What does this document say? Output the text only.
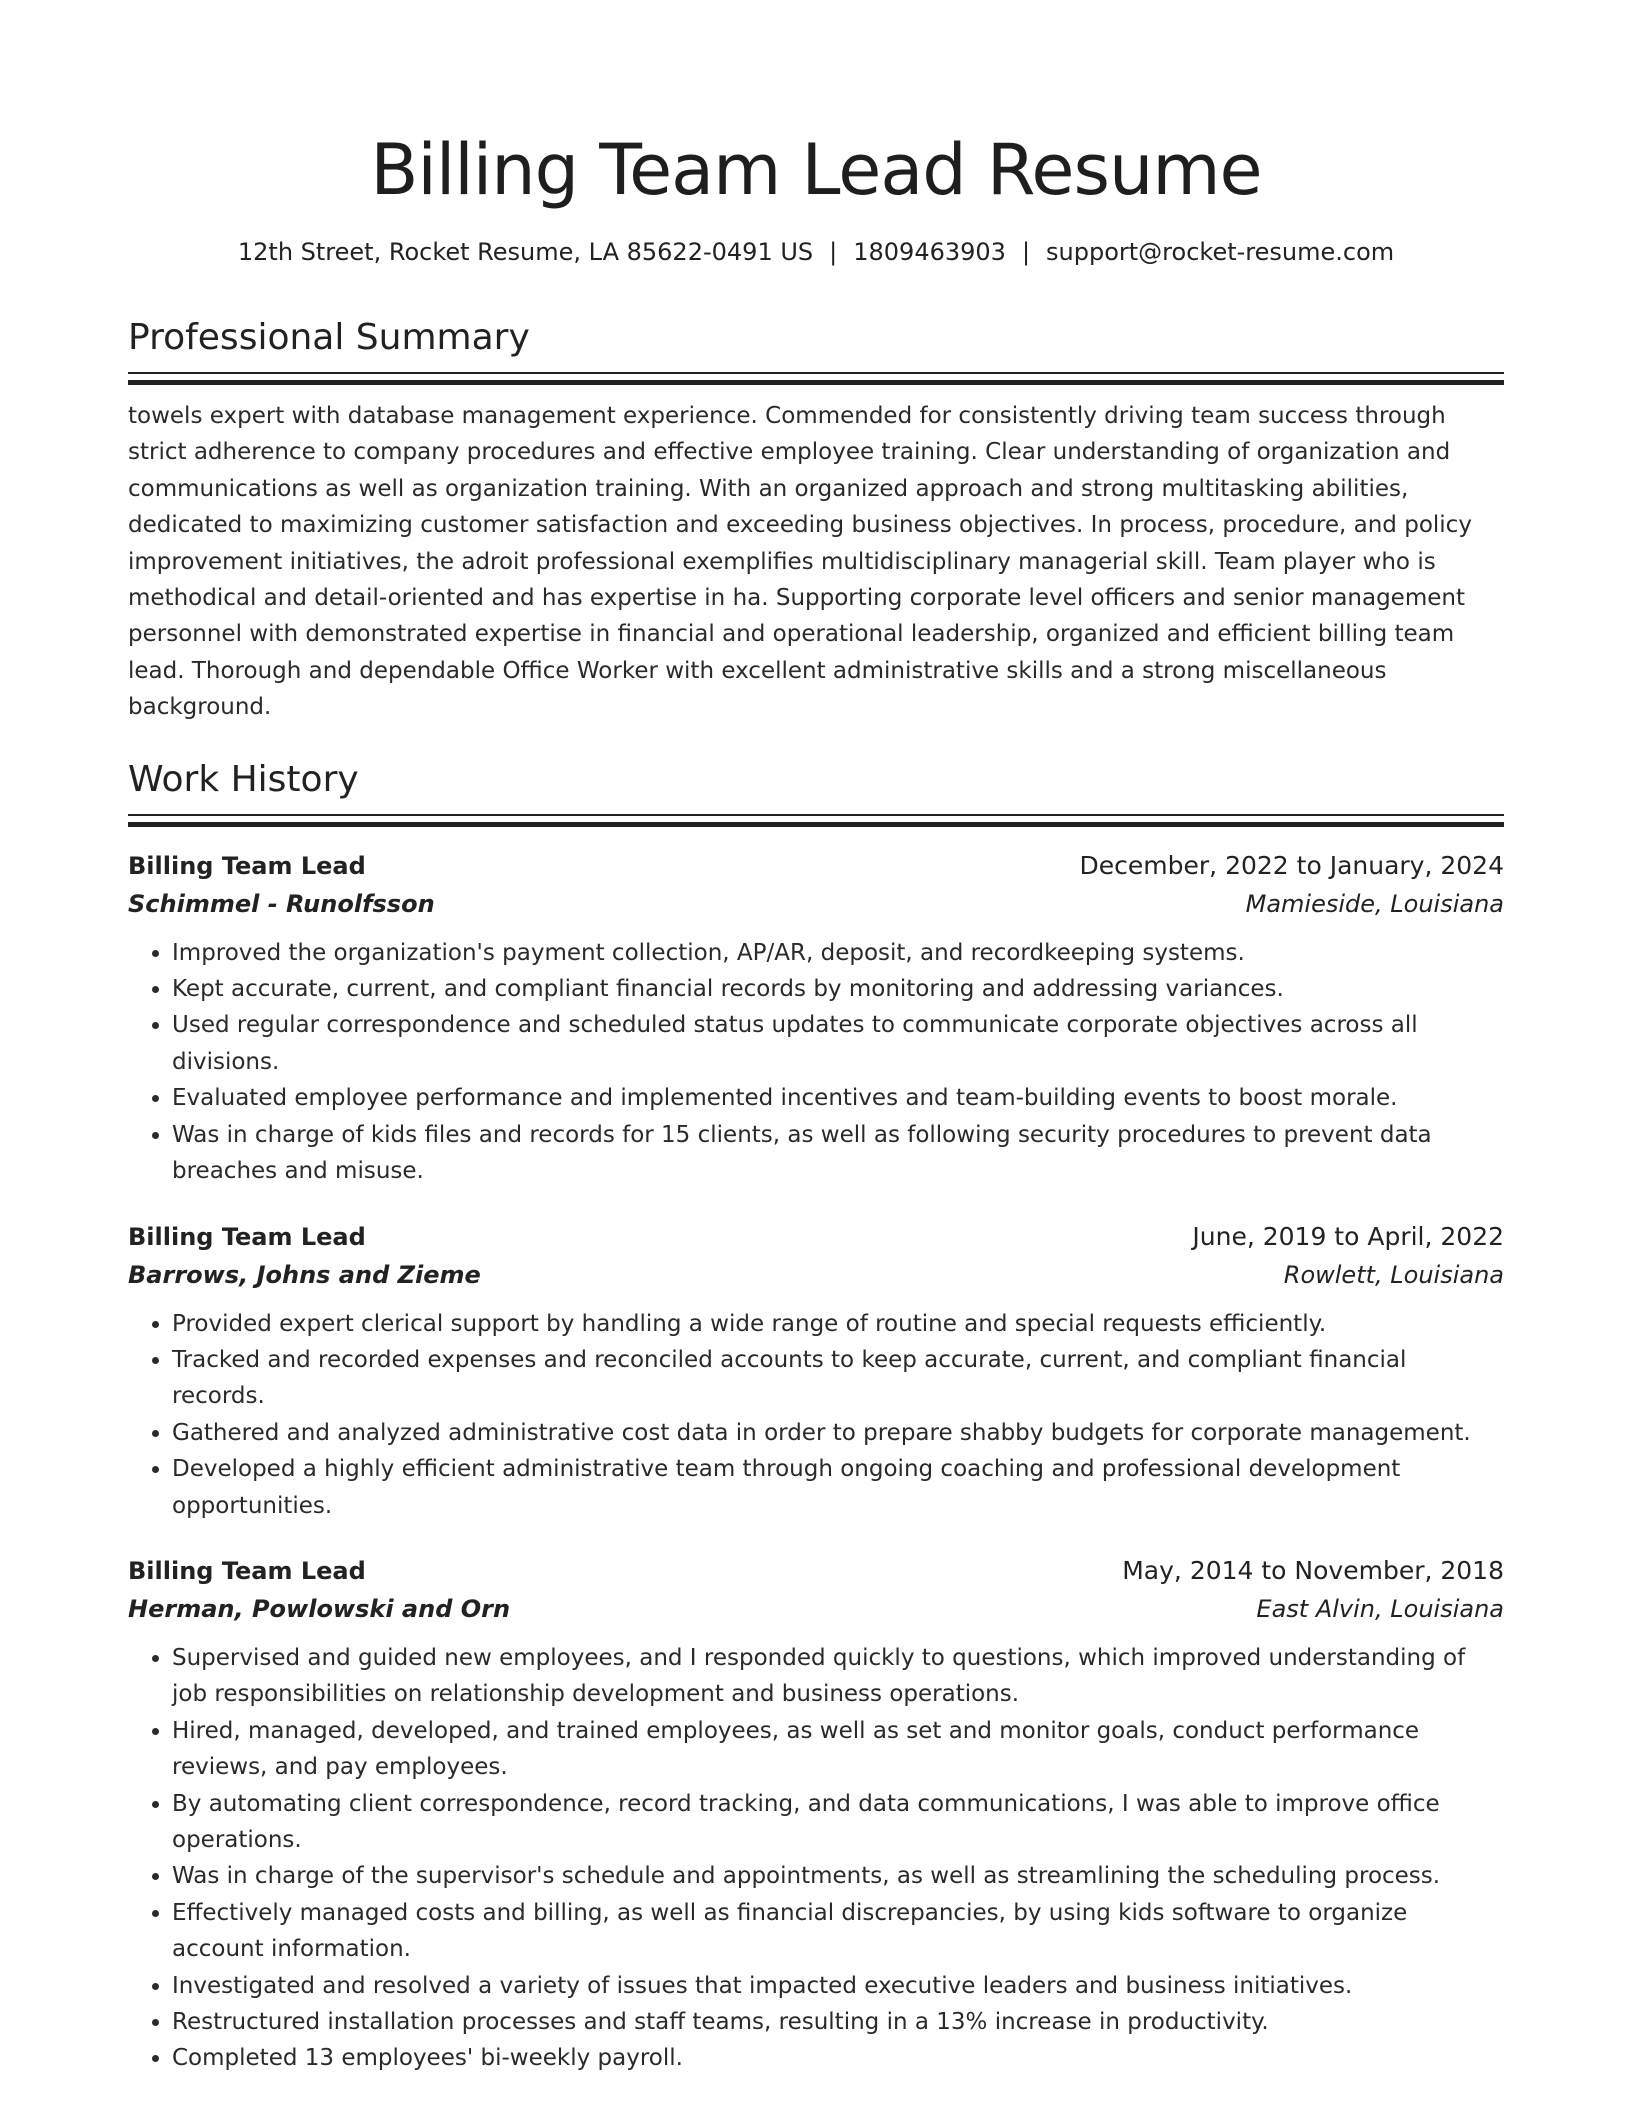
Billing Team Lead Resume
12th Street, Rocket Resume, LA 85622-0491 US | 1809463903 | support@rocket-resume.com
Professional Summary

towels expert with database management experience. Commended for consistently driving team success through strict adherence to company procedures and effective employee training. Clear understanding of organization and communications as well as organization training. With an organized approach and strong multitasking abilities, dedicated to maximizing customer satisfaction and exceeding business objectives. In process, procedure, and policy improvement initiatives, the adroit professional exemplifies multidisciplinary managerial skill. Team player who is methodical and detail-oriented and has expertise in ha. Supporting corporate level officers and senior management personnel with demonstrated expertise in financial and operational leadership, organized and efficient billing team lead. Thorough and dependable Office Worker with excellent administrative skills and a strong miscellaneous background.

Work History
Billing Team Lead	December, 2022 to January, 2024
Schimmel - Runolfsson	Mamieside, Louisiana
• Improved the organization's payment collection, AP/AR, deposit, and recordkeeping systems.
• Kept accurate, current, and compliant financial records by monitoring and addressing variances.
• Used regular correspondence and scheduled status updates to communicate corporate objectives across all divisions.
• Evaluated employee performance and implemented incentives and team-building events to boost morale.
• Was in charge of kids files and records for 15 clients, as well as following security procedures to prevent data breaches and misuse.
Billing Team Lead	June, 2019 to April, 2022
Barrows, Johns and Zieme	Rowlett, Louisiana
• Provided expert clerical support by handling a wide range of routine and special requests efficiently.
• Tracked and recorded expenses and reconciled accounts to keep accurate, current, and compliant financial records.
• Gathered and analyzed administrative cost data in order to prepare shabby budgets for corporate management.
• Developed a highly efficient administrative team through ongoing coaching and professional development opportunities.
Billing Team Lead	May, 2014 to November, 2018
Herman, Powlowski and Orn	East Alvin, Louisiana
• Supervised and guided new employees, and I responded quickly to questions, which improved understanding of job responsibilities on relationship development and business operations.
• Hired, managed, developed, and trained employees, as well as set and monitor goals, conduct performance reviews, and pay employees.
• By automating client correspondence, record tracking, and data communications, I was able to improve office operations.
• Was in charge of the supervisor's schedule and appointments, as well as streamlining the scheduling process.
• Effectively managed costs and billing, as well as financial discrepancies, by using kids software to organize account information.
• Investigated and resolved a variety of issues that impacted executive leaders and business initiatives.
• Restructured installation processes and staff teams, resulting in a 13% increase in productivity.
• Completed 13 employees' bi-weekly payroll.
